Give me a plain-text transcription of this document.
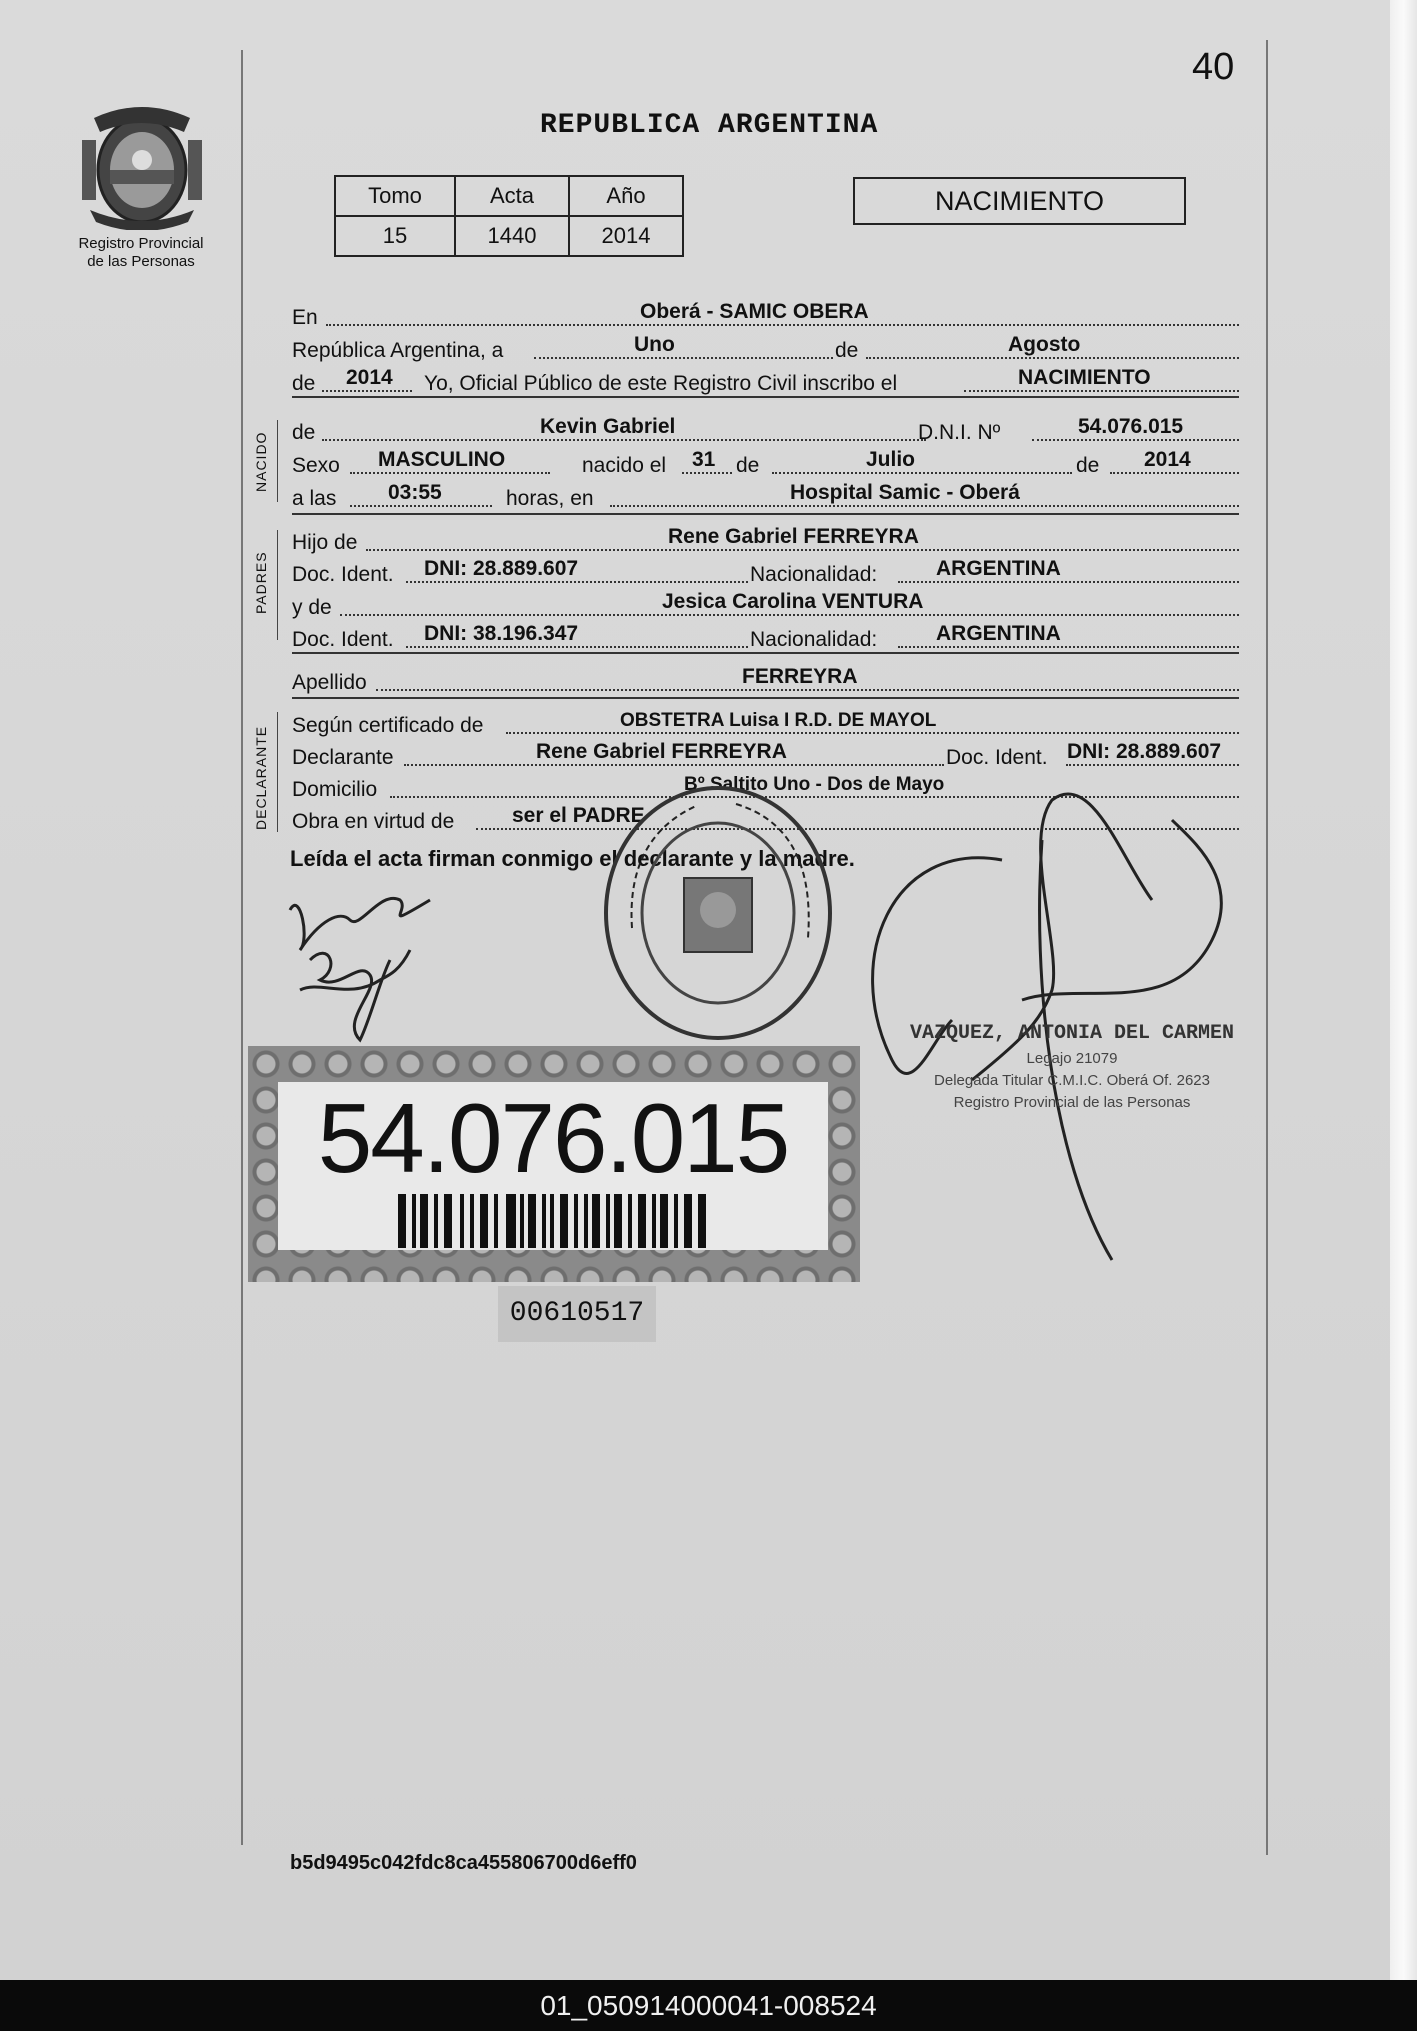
40
Registro Provincial
de las Personas
REPUBLICA ARGENTINA
Tomo	Acta	Año
15	1440	2014
NACIMIENTO
En	Oberá - SAMIC OBERA
República Argentina, a	Uno	de	Agosto
de 2014 Yo, Oficial Público de este Registro Civil inscribo el	NACIMIENTO
NACIDO de	Kevin Gabriel	D.N.I. Nº	54.076.015
Sexo MASCULINO	nacido el 31 de	Julio	de 2014
a las 03:55	horas, en	Hospital Samic - Oberá
PADRES
Hijo de	Rene Gabriel FERREYRA
Doc. Ident. DNI: 28.889.607	Nacionalidad:	ARGENTINA
y de	Jesica Carolina VENTURA
Doc. Ident. DNI: 38.196.347	Nacionalidad:	ARGENTINA
Apellido	FERREYRA
DECLARANTE
Según certificado de	OBSTETRA Luisa I R.D. DE MAYOL
Declarante	Rene Gabriel FERREYRA	Doc. Ident. DNI: 28.889.607
Domicilio	Bº Saltito Uno - Dos de Mayo
Obra en virtud de	ser el PADRE
Leída el acta firman conmigo el declarante y la madre.
VAZQUEZ, ANTONIA DEL CARMEN
Legajo 21079
Delegada Titular C.M.I.C. Oberá Of. 2623
Registro Provincial de las Personas
54.076.015
00610517
b5d9495c042fdc8ca455806700d6eff0
01_050914000041-008524
